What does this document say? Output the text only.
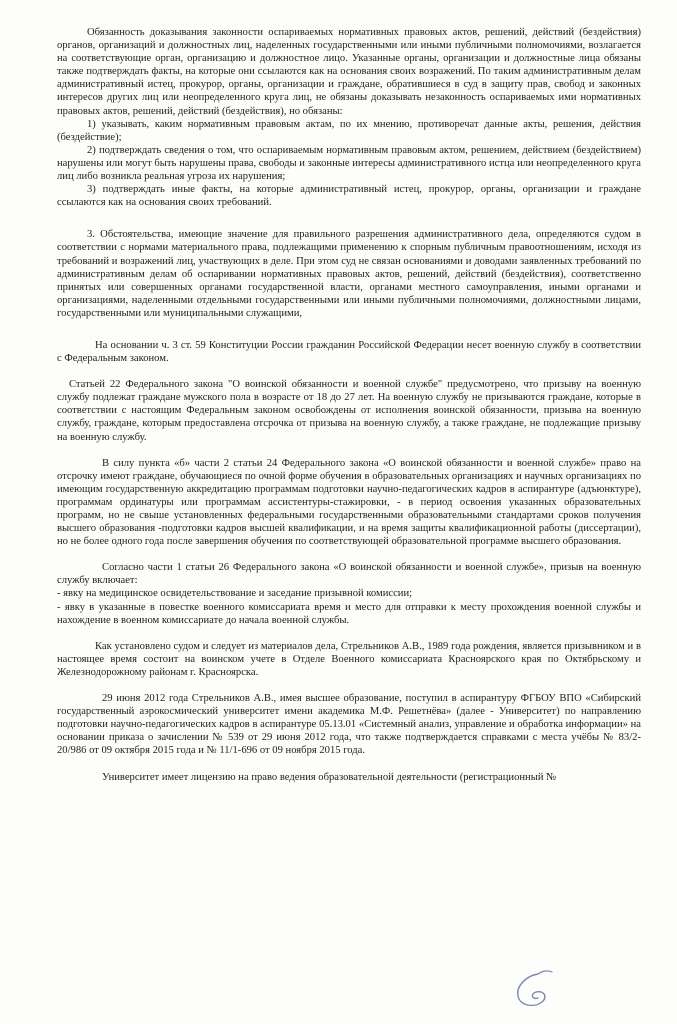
Обязанность доказывания законности оспариваемых нормативных правовых актов, решений, действий (бездействия) органов, организаций и должностных лиц, наделенных государственными или иными публичными полномочиями, возлагается на соответствующие орган, организацию и должностное лицо. Указанные органы, организации и должностные лица обязаны также подтверждать факты, на которые они ссылаются как на основания своих возражений. По таким административным делам административный истец, прокурор, органы, организации и граждане, обратившиеся в суд в защиту прав, свобод и законных интересов других лиц или неопределенного круга лиц, не обязаны доказывать незаконность оспариваемых ими нормативных правовых актов, решений, действий (бездействия), но обязаны:

1) указывать, каким нормативным правовым актам, по их мнению, противоречат данные акты, решения, действия (бездействие);

2) подтверждать сведения о том, что оспариваемым нормативным правовым актом, решением, действием (бездействием) нарушены или могут быть нарушены права, свободы и законные интересы административного истца или неопределенного круга лиц либо возникла реальная угроза их нарушения;

3) подтверждать иные факты, на которые административный истец, прокурор, органы, организации и граждане ссылаются как на основания своих требований.

3. Обстоятельства, имеющие значение для правильного разрешения административного дела, определяются судом в соответствии с нормами материального права, подлежащими применению к спорным публичным правоотношениям, исходя из требований и возражений лиц, участвующих в деле. При этом суд не связан основаниями и доводами заявленных требований по административным делам об оспаривании нормативных правовых актов, решений, действий (бездействия), соответственно принятых или совершенных органами государственной власти, органами местного самоуправления, иными органами и организациями, наделенными отдельными государственными или иными публичными полномочиями, должностными лицами, государственными или муниципальными служащими,

На основании ч. 3 ст. 59 Конституции России гражданин Российской Федерации несет военную службу в соответствии с Федеральным законом.

Статьей 22 Федерального закона "О воинской обязанности и военной службе" предусмотрено, что призыву на военную службу подлежат граждане мужского пола в возрасте от 18 до 27 лет. На военную службу не призываются граждане, которые в соответствии с настоящим Федеральным законом освобождены от исполнения воинской обязанности, призыва на военную службу, граждане, которым предоставлена отсрочка от призыва на военную службу, а также граждане, не подлежащие призыву на военную службу.

В силу пункта «б» части 2 статьи 24 Федерального закона «О воинской обязанности и военной службе» право на отсрочку имеют граждане, обучающиеся по очной форме обучения в образовательных организациях и научных организациях по имеющим государственную аккредитацию программам подготовки научно-педагогических кадров в аспирантуре (адъюнктуре), программам ординатуры или программам ассистентуры-стажировки, - в период освоения указанных образовательных программ, но не свыше установленных федеральными государственными образовательными стандартами сроков получения высшего образования -подготовки кадров высшей квалификации, и на время защиты квалификационной работы (диссертации), но не более одного года после завершения обучения по соответствующей образовательной программе высшего образования.

Согласно части 1 статьи 26 Федерального закона «О воинской обязанности и военной службе», призыв на военную службу включает:

- явку на медицинское освидетельствование и заседание призывной комиссии;

- явку в указанные в повестке военного комиссариата время и место для отправки к месту прохождения военной службы и нахождение в военном комиссариате до начала военной службы.

Как установлено судом и следует из материалов дела, Стрельников А.В., 1989 года рождения, является призывником и в настоящее время состоит на воинском учете в Отделе Военного комиссариата Красноярского края по Октябрьскому и Железнодорожному районам г. Красноярска.

29 июня 2012 года Стрельников А.В., имея высшее образование, поступил в аспирантуру ФГБОУ ВПО «Сибирский государственный аэрокосмический университет имени академика М.Ф. Решетнёва» (далее - Университет) по направлению подготовки научно-педагогических кадров в аспирантуре 05.13.01 «Системный анализ, управление и обработка информации» на основании приказа о зачислении № 539 от 29 июня 2012 года, что также подтверждается справками с места учёбы № 83/2-20/986 от 09 октября 2015 года и № 11/1-696 от 09 ноября 2015 года.

Университет имеет лицензию на право ведения образовательной деятельности (регистрационный №
